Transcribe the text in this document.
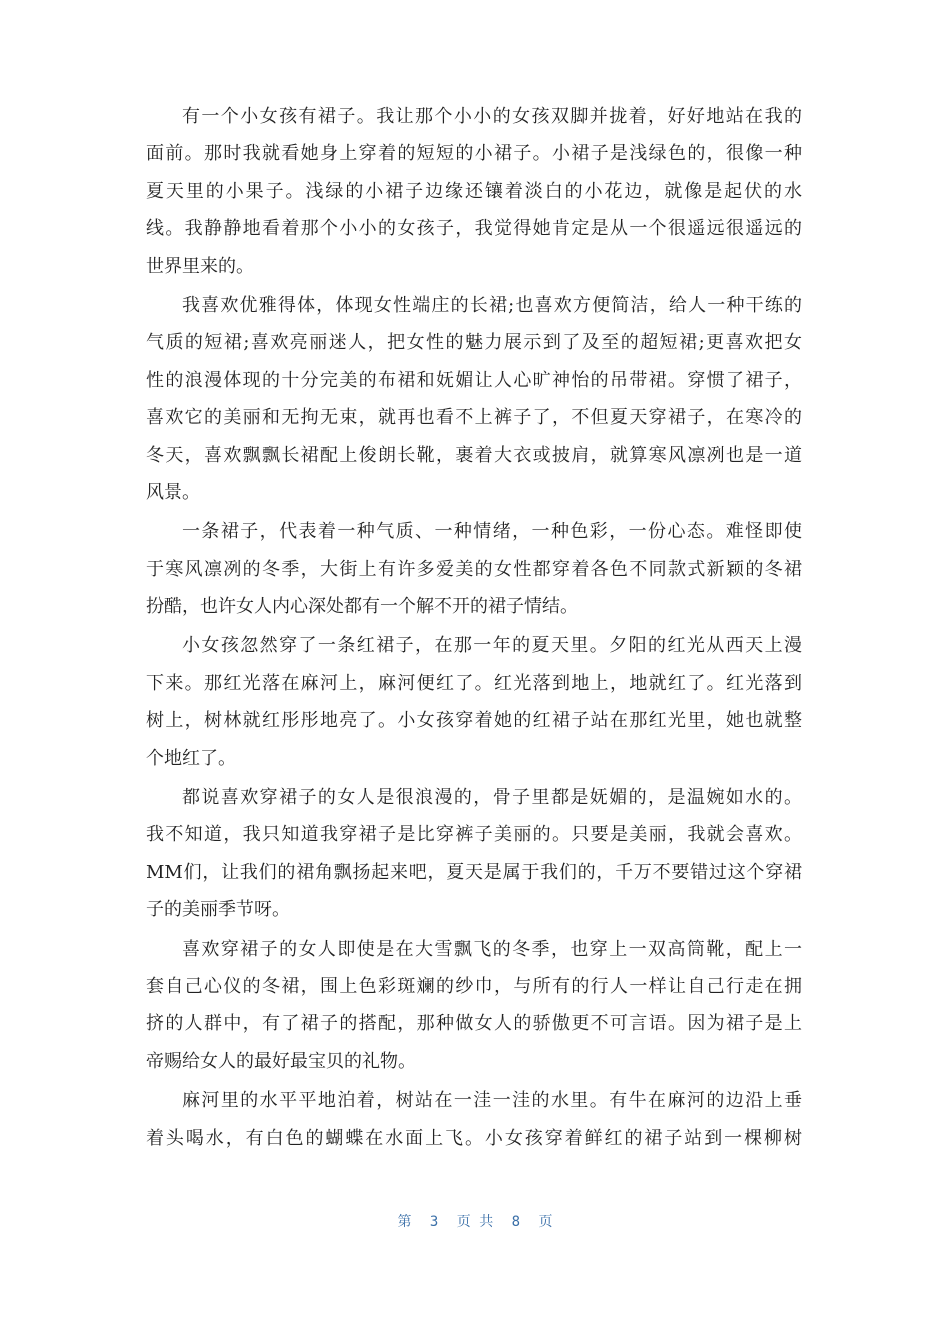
有一个小女孩有裙子。我让那个小小的女孩双脚并拢着，好好地站在我的
面前。那时我就看她身上穿着的短短的小裙子。小裙子是浅绿色的，很像一种
夏天里的小果子。浅绿的小裙子边缘还镶着淡白的小花边，就像是起伏的水
线。我静静地看着那个小小的女孩子，我觉得她肯定是从一个很遥远很遥远的
世界里来的。
我喜欢优雅得体，体现女性端庄的长裙;也喜欢方便简洁，给人一种干练的
气质的短裙;喜欢亮丽迷人，把女性的魅力展示到了及至的超短裙;更喜欢把女
性的浪漫体现的十分完美的布裙和妩媚让人心旷神怡的吊带裙。穿惯了裙子，
喜欢它的美丽和无拘无束，就再也看不上裤子了，不但夏天穿裙子，在寒冷的
冬天，喜欢飘飘长裙配上俊朗长靴，裹着大衣或披肩，就算寒风凛冽也是一道
风景。
一条裙子，代表着一种气质、一种情绪，一种色彩，一份心态。难怪即使
于寒风凛冽的冬季，大街上有许多爱美的女性都穿着各色不同款式新颖的冬裙
扮酷，也许女人内心深处都有一个解不开的裙子情结。
小女孩忽然穿了一条红裙子，在那一年的夏天里。夕阳的红光从西天上漫
下来。那红光落在麻河上，麻河便红了。红光落到地上，地就红了。红光落到
树上，树林就红彤彤地亮了。小女孩穿着她的红裙子站在那红光里，她也就整
个地红了。
都说喜欢穿裙子的女人是很浪漫的，骨子里都是妩媚的，是温婉如水的。
我不知道，我只知道我穿裙子是比穿裤子美丽的。只要是美丽，我就会喜欢。
MM们，让我们的裙角飘扬起来吧，夏天是属于我们的，千万不要错过这个穿裙
子的美丽季节呀。
喜欢穿裙子的女人即使是在大雪飘飞的冬季，也穿上一双高筒靴，配上一
套自己心仪的冬裙，围上色彩斑斓的纱巾，与所有的行人一样让自己行走在拥
挤的人群中，有了裙子的搭配，那种做女人的骄傲更不可言语。因为裙子是上
帝赐给女人的最好最宝贝的礼物。
麻河里的水平平地泊着，树站在一洼一洼的水里。有牛在麻河的边沿上垂
着头喝水，有白色的蝴蝶在水面上飞。小女孩穿着鲜红的裙子站到一棵柳树
第 3 页 共 8 页
